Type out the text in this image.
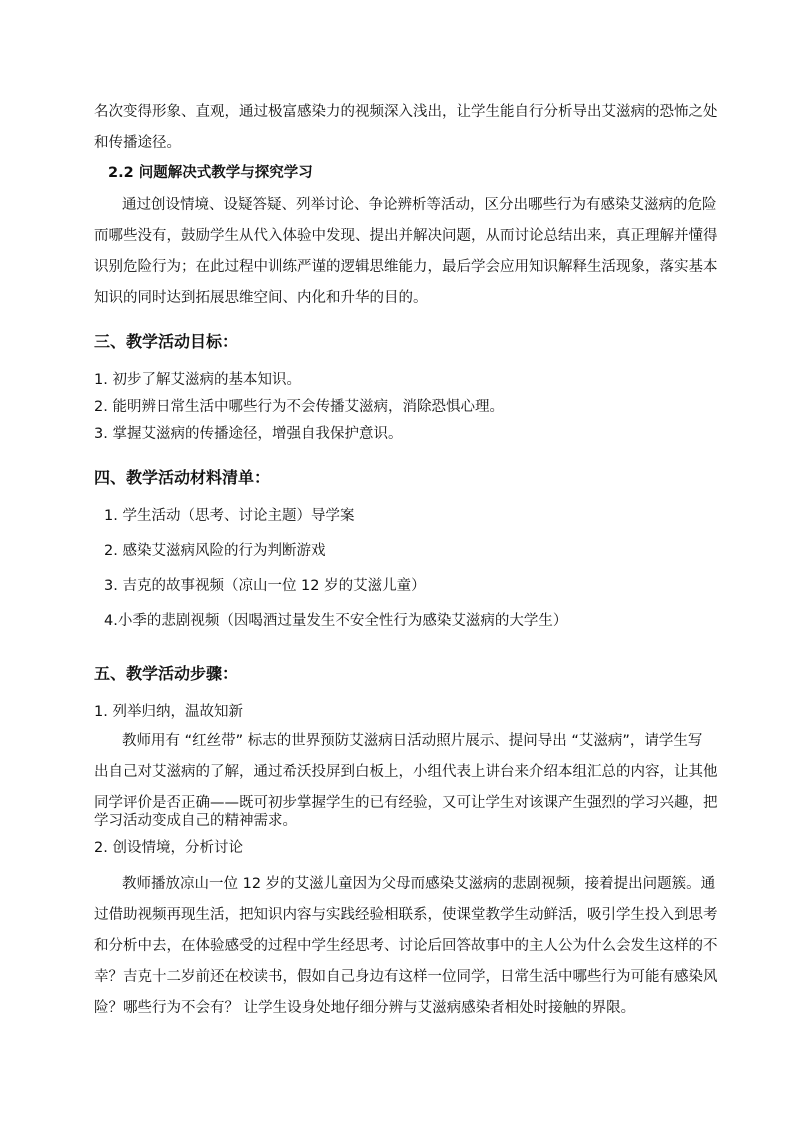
名次变得形象、直观，通过极富感染力的视频深入浅出，让学生能自行分析导出艾滋病的恐怖之处
和传播途径。
2.2 问题解决式教学与探究学习
通过创设情境、设疑答疑、列举讨论、争论辨析等活动，区分出哪些行为有感染艾滋病的危险
而哪些没有，鼓励学生从代入体验中发现、提出并解决问题，从而讨论总结出来，真正理解并懂得
识别危险行为；在此过程中训练严谨的逻辑思维能力，最后学会应用知识解释生活现象，落实基本
知识的同时达到拓展思维空间、内化和升华的目的。
三、教学活动目标：
1. 初步了解艾滋病的基本知识。
2. 能明辨日常生活中哪些行为不会传播艾滋病，消除恐惧心理。
3. 掌握艾滋病的传播途径，增强自我保护意识。
四、教学活动材料清单：
1. 学生活动（思考、讨论主题）导学案
2. 感染艾滋病风险的行为判断游戏
3. 吉克的故事视频（凉山一位 12 岁的艾滋儿童）
4.小季的悲剧视频（因喝酒过量发生不安全性行为感染艾滋病的大学生）
五、教学活动步骤：
1. 列举归纳，温故知新
教师用有 “红丝带” 标志的世界预防艾滋病日活动照片展示、提问导出 “艾滋病”，请学生写
出自己对艾滋病的了解，通过希沃投屏到白板上，小组代表上讲台来介绍本组汇总的内容，让其他
同学评价是否正确——既可初步掌握学生的已有经验，又可让学生对该课产生强烈的学习兴趣，把
学习活动变成自己的精神需求。
2. 创设情境，分析讨论
教师播放凉山一位 12 岁的艾滋儿童因为父母而感染艾滋病的悲剧视频，接着提出问题簇。通
过借助视频再现生活，把知识内容与实践经验相联系，使课堂教学生动鲜活，吸引学生投入到思考
和分析中去，在体验感受的过程中学生经思考、讨论后回答故事中的主人公为什么会发生这样的不
幸？吉克十二岁前还在校读书，假如自己身边有这样一位同学，日常生活中哪些行为可能有感染风
险？哪些行为不会有？ 让学生设身处地仔细分辨与艾滋病感染者相处时接触的界限。
